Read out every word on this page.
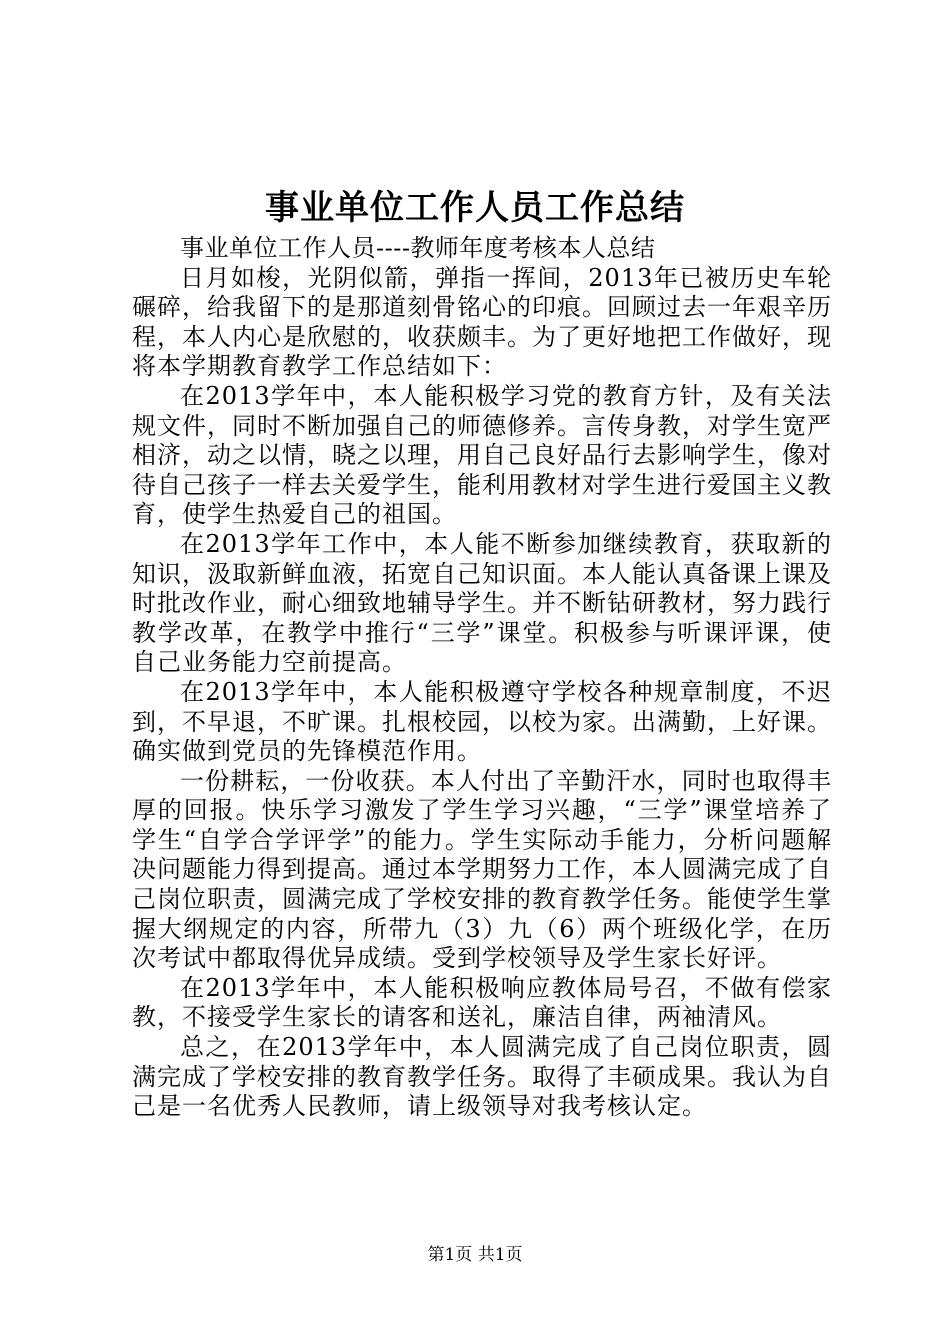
事业单位工作人员工作总结

事业单位工作人员----教师年度考核本人总结

日月如梭，光阴似箭，弹指一挥间，2013年已被历史车轮碾碎，给我留下的是那道刻骨铭心的印痕。回顾过去一年艰辛历程，本人内心是欣慰的，收获颇丰。为了更好地把工作做好，现将本学期教育教学工作总结如下：

在2013学年中，本人能积极学习党的教育方针，及有关法规文件，同时不断加强自己的师德修养。言传身教，对学生宽严相济，动之以情，晓之以理，用自己良好品行去影响学生，像对待自己孩子一样去关爱学生，能利用教材对学生进行爱国主义教育，使学生热爱自己的祖国。

在2013学年工作中，本人能不断参加继续教育，获取新的知识，汲取新鲜血液，拓宽自己知识面。本人能认真备课上课及时批改作业，耐心细致地辅导学生。并不断钻研教材，努力践行教学改革，在教学中推行“三学”课堂。积极参与听课评课，使自己业务能力空前提高。

在2013学年中，本人能积极遵守学校各种规章制度，不迟到，不早退，不旷课。扎根校园，以校为家。出满勤，上好课。确实做到党员的先锋模范作用。

一份耕耘，一份收获。本人付出了辛勤汗水，同时也取得丰厚的回报。快乐学习激发了学生学习兴趣，“三学”课堂培养了学生“自学合学评学”的能力。学生实际动手能力，分析问题解决问题能力得到提高。通过本学期努力工作，本人圆满完成了自己岗位职责，圆满完成了学校安排的教育教学任务。能使学生掌握大纲规定的内容，所带九（3）九（6）两个班级化学，在历次考试中都取得优异成绩。受到学校领导及学生家长好评。

在2013学年中，本人能积极响应教体局号召，不做有偿家教，不接受学生家长的请客和送礼，廉洁自律，两袖清风。

总之，在2013学年中，本人圆满完成了自己岗位职责，圆满完成了学校安排的教育教学任务。取得了丰硕成果。我认为自己是一名优秀人民教师，请上级领导对我考核认定。

第1页 共1页
